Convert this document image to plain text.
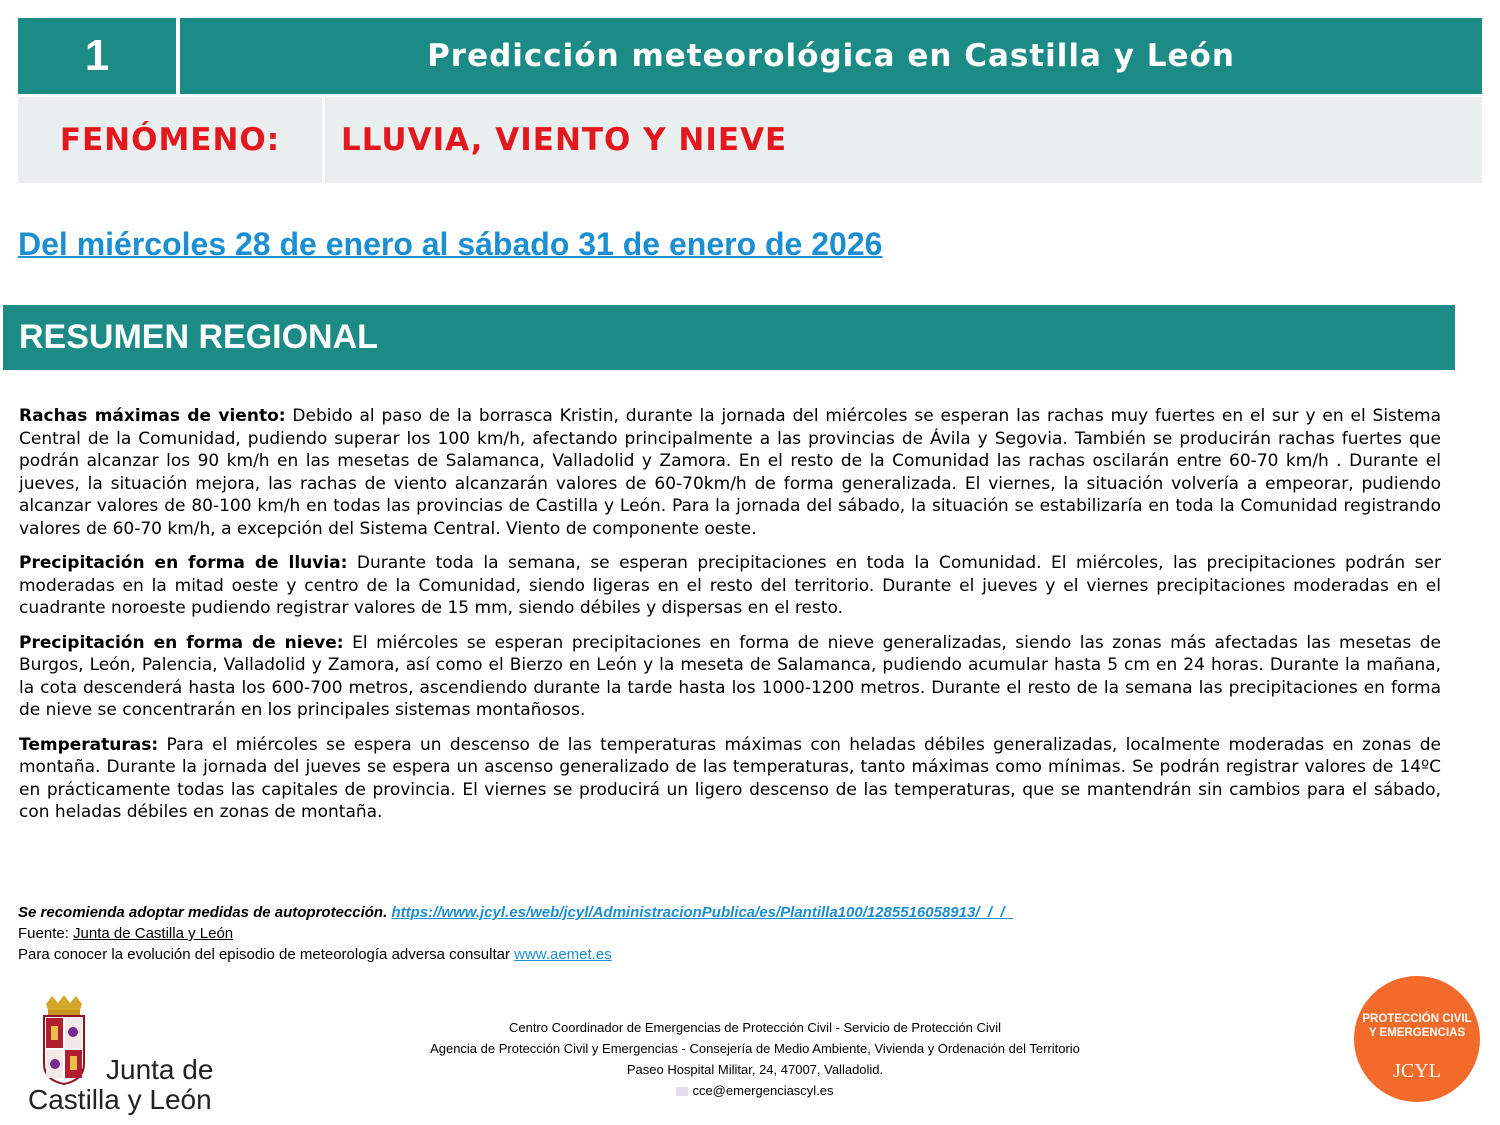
1	Predicción meteorológica en Castilla y León
FENÓMENO:	LLUVIA, VIENTO Y NIEVE
Del miércoles 28 de enero al sábado 31 de enero de 2026
RESUMEN REGIONAL

Rachas máximas de viento: Debido al paso de la borrasca Kristin, durante la jornada del miércoles se esperan las rachas muy fuertes en el sur y en el Sistema Central de la Comunidad, pudiendo superar los 100 km/h, afectando principalmente a las provincias de Ávila y Segovia. También se producirán rachas fuertes que podrán alcanzar los 90 km/h en las mesetas de Salamanca, Valladolid y Zamora. En el resto de la Comunidad las rachas oscilarán entre 60-70 km/h . Durante el jueves, la situación mejora, las rachas de viento alcanzarán valores de 60-70km/h de forma generalizada. El viernes, la situación volvería a empeorar, pudiendo alcanzar valores de 80-100 km/h en todas las provincias de Castilla y León. Para la jornada del sábado, la situación se estabilizaría en toda la Comunidad registrando valores de 60-70 km/h, a excepción del Sistema Central. Viento de componente oeste.

Precipitación en forma de lluvia: Durante toda la semana, se esperan precipitaciones en toda la Comunidad. El miércoles, las precipitaciones podrán ser moderadas en la mitad oeste y centro de la Comunidad, siendo ligeras en el resto del territorio. Durante el jueves y el viernes precipitaciones moderadas en el cuadrante noroeste pudiendo registrar valores de 15 mm, siendo débiles y dispersas en el resto.

Precipitación en forma de nieve: El miércoles se esperan precipitaciones en forma de nieve generalizadas, siendo las zonas más afectadas las mesetas de Burgos, León, Palencia, Valladolid y Zamora, así como el Bierzo en León y la meseta de Salamanca, pudiendo acumular hasta 5 cm en 24 horas. Durante la mañana, la cota descenderá hasta los 600-700 metros, ascendiendo durante la tarde hasta los 1000-1200 metros. Durante el resto de la semana las precipitaciones en forma de nieve se concentrarán en los principales sistemas montañosos.

Temperaturas: Para el miércoles se espera un descenso de las temperaturas máximas con heladas débiles generalizadas, localmente moderadas en zonas de montaña. Durante la jornada del jueves se espera un ascenso generalizado de las temperaturas, tanto máximas como mínimas. Se podrán registrar valores de 14ºC en prácticamente todas las capitales de provincia. El viernes se producirá un ligero descenso de las temperaturas, que se mantendrán sin cambios para el sábado, con heladas débiles en zonas de montaña.

Se recomienda adoptar medidas de autoprotección. https://www.jcyl.es/web/jcyl/AdministracionPublica/es/Plantilla100/1285516058913/_/_/_
Fuente: Junta de Castilla y León
Para conocer la evolución del episodio de meteorología adversa consultar www.aemet.es
Junta de
Castilla y León
Centro Coordinador de Emergencias de Protección Civil - Servicio de Protección Civil
Agencia de Protección Civil y Emergencias - Consejería de Medio Ambiente, Vivienda y Ordenación del Territorio
Paseo Hospital Militar, 24, 47007, Valladolid.
cce@emergenciascyl.es
PROTECCIÓN CIVIL
Y EMERGENCIAS
JCYL
